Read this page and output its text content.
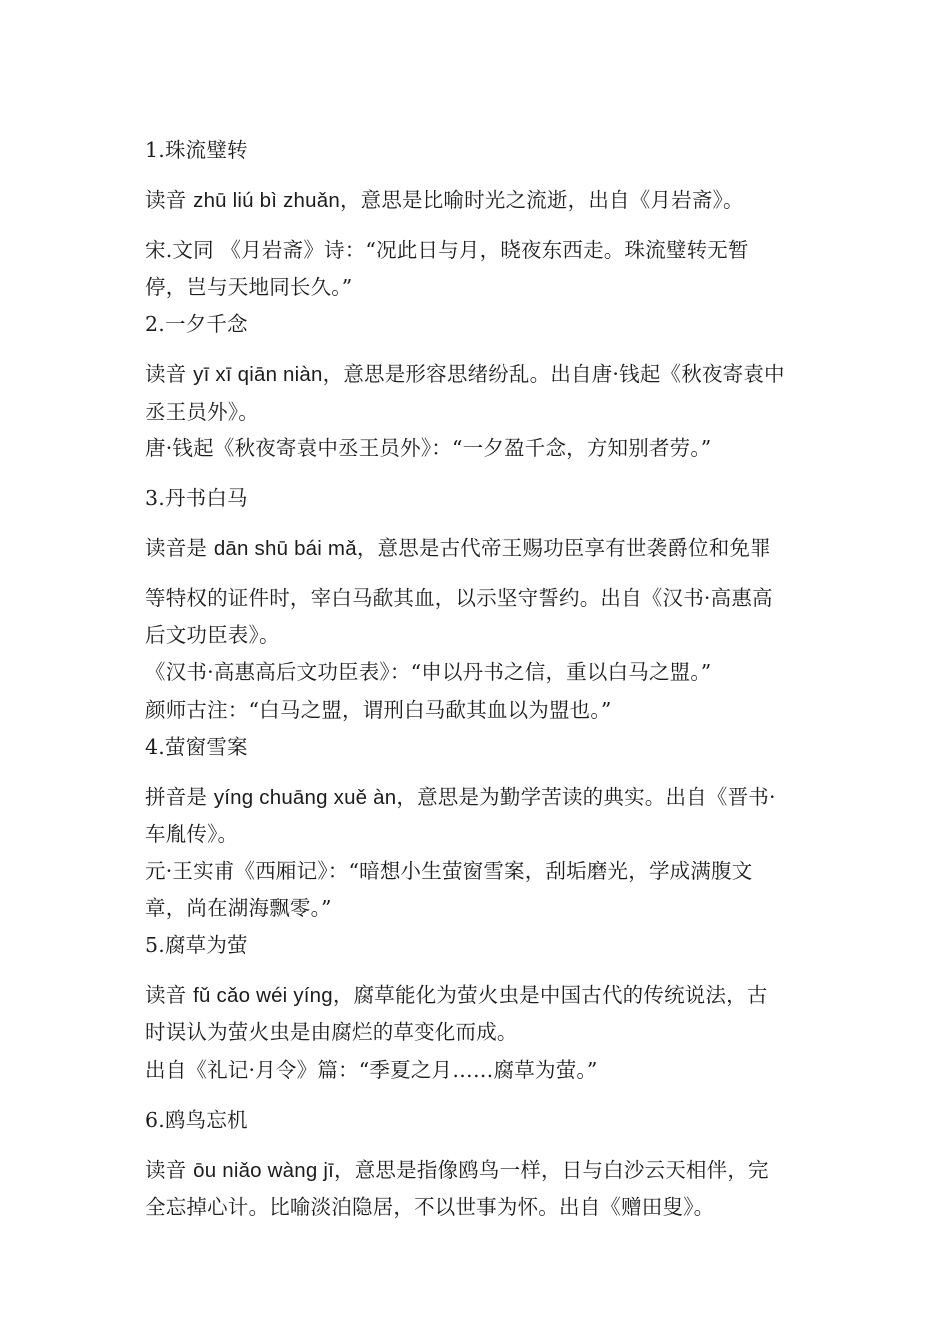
1.珠流璧转
读音 zhū liú bì zhuǎn，意思是比喻时光之流逝，出自《月岩斋》。
宋.文同 《月岩斋》诗：“况此日与月，晓夜东西走。珠流璧转无暂
停，岂与天地同长久。”
2.一夕千念
读音 yī xī qiān niàn，意思是形容思绪纷乱。出自唐·钱起《秋夜寄袁中
丞王员外》。
唐·钱起《秋夜寄袁中丞王员外》：“一夕盈千念，方知别者劳。”
3.丹书白马
读音是 dān shū bái mǎ，意思是古代帝王赐功臣享有世袭爵位和免罪
等特权的证件时，宰白马歃其血，以示坚守誓约。出自《汉书·高惠高
后文功臣表》。
《汉书·高惠高后文功臣表》：“申以丹书之信，重以白马之盟。”
颜师古注：“白马之盟，谓刑白马歃其血以为盟也。”
4.萤窗雪案
拼音是 yíng chuāng xuě àn，意思是为勤学苦读的典实。出自《晋书·
车胤传》。
元·王实甫《西厢记》：“暗想小生萤窗雪案，刮垢磨光，学成满腹文
章，尚在湖海飘零。”
5.腐草为萤
读音 fǔ cǎo wéi yíng，腐草能化为萤火虫是中国古代的传统说法，古
时误认为萤火虫是由腐烂的草变化而成。
出自《礼记·月令》篇：“季夏之月……腐草为萤。”
6.鸥鸟忘机
读音 ōu niǎo wàng jī，意思是指像鸥鸟一样，日与白沙云天相伴，完
全忘掉心计。比喻淡泊隐居，不以世事为怀。出自《赠田叟》。
